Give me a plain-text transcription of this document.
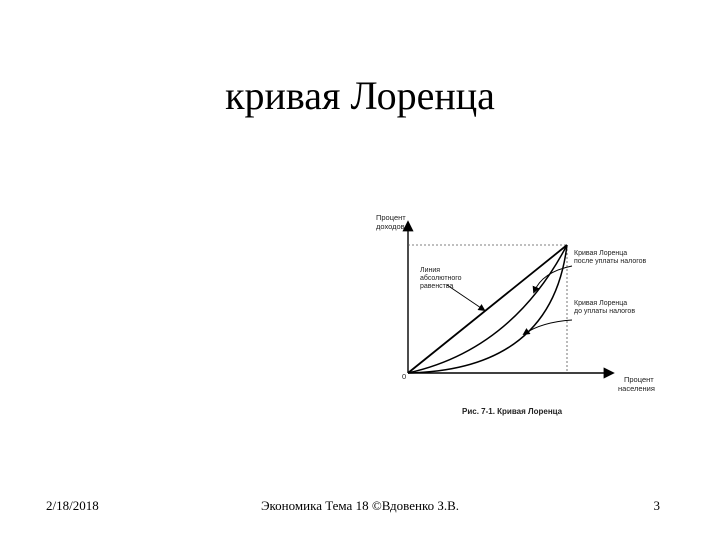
кривая Лоренца
Процент
доходов
0	Процент
населения
Линия
абсолютного
равенства
Кривая Лоренца
после уплаты налогов
Кривая Лоренца
до уплаты налогов
Рис. 7-1. Кривая Лоренца
2/18/2018	Экономика Тема 18 ©Вдовенко З.В.	3
